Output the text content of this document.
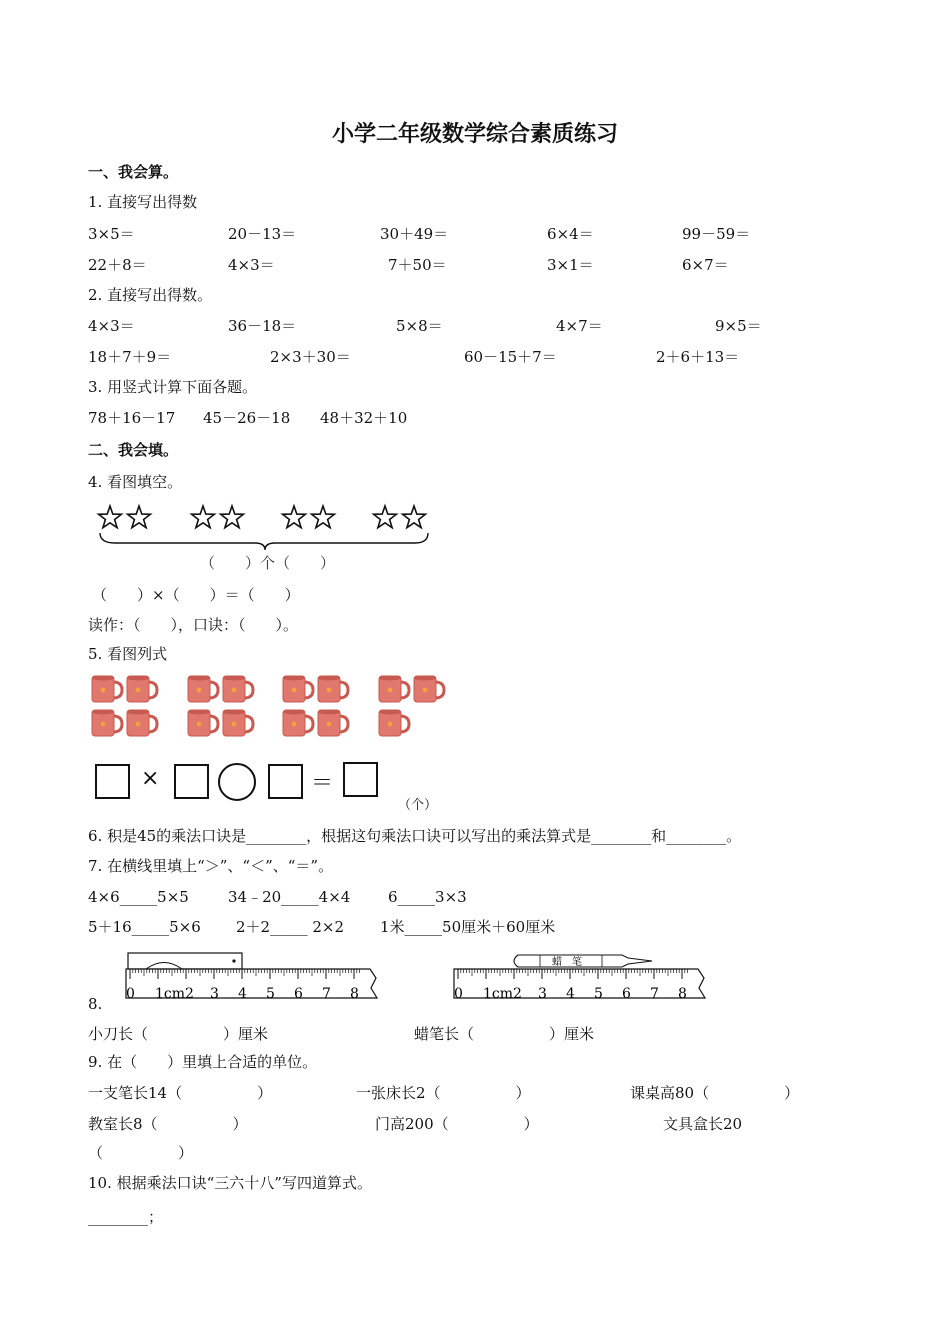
小学二年级数学综合素质练习
一、我会算。
1. 直接写出得数
3×5＝	20－13＝	30＋49＝	6×4＝	99－59＝
22＋8＝	4×3＝	7＋50＝	3×1＝	6×7＝
2. 直接写出得数。
4×3＝	36－18＝	5×8＝	4×7＝	9×5＝
18＋7＋9＝	2×3＋30＝	60－15＋7＝	2＋6＋13＝
3. 用竖式计算下面各题。
78＋16－17 45－26－18 48＋32＋10
二、我会填。
4. 看图填空。
（　　）个（　　）
（　　）×（　　）＝（　　）
读作：（　　），口诀：（　　）。
5. 看图列式
×	＝
（个）
6. 积是45的乘法口诀是________，根据这句乘法口诀可以写出的乘法算式是________和________。
7. 在横线里填上“＞”、“＜”、“＝”。
4×6_____5×5	34﹣20_____4×4	6_____3×3
5＋16_____5×6 2＋2_____ 2×2 1米_____50厘米＋60厘米
0 1cm2 3 4 5 6 7 8
蜡　笔
0 1cm2 3 4 5 6 7 8
8.
小刀长（　　　　　）厘米	蜡笔长（　　　　　）厘米
9. 在（　　）里填上合适的单位。
一支笔长14（　　　　　）	一张床长2（　　　　　）	课桌高80（　　　　　）
教室长8（　　　　　）	门高200（　　　　　）	文具盒长20
（　　　　　）
10. 根据乘法口诀“三六十八”写四道算式。
________；
